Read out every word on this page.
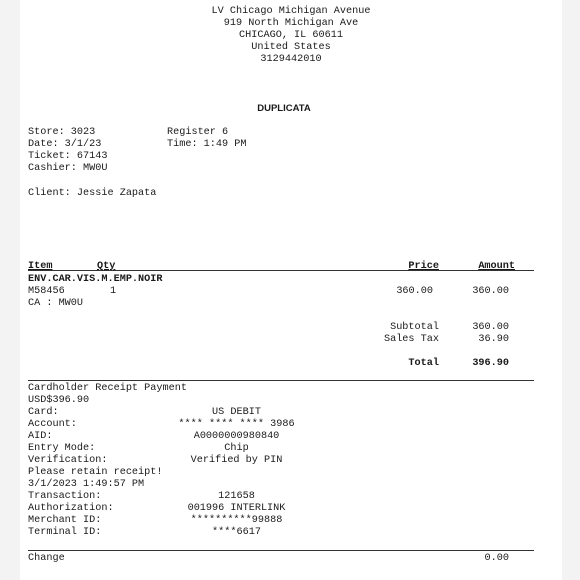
LV Chicago Michigan Avenue
919 North Michigan Ave
CHICAGO, IL 60611
United States
3129442010
DUPLICATA
Store: 3023	Register 6
Date: 3/1/23	Time: 1:49 PM
Ticket: 67143
Cashier: MW0U
Client: Jessie Zapata
Item	Qty	Price	Amount
ENV.CAR.VIS.M.EMP.NOIR
M58456	1	360.00	360.00
CA : MW0U
Subtotal	360.00
Sales Tax	36.90
Total	396.90
Cardholder Receipt Payment
USD$396.90
Card:	US DEBIT
Account:	**** **** **** 3986
AID:	A0000000980840
Entry Mode:	Chip
Verification:	Verified by PIN
Please retain receipt!
3/1/2023 1:49:57 PM
Transaction:	121658
Authorization:	001996 INTERLINK
Merchant ID:	**********99888
Terminal ID:	****6617
Change	0.00
